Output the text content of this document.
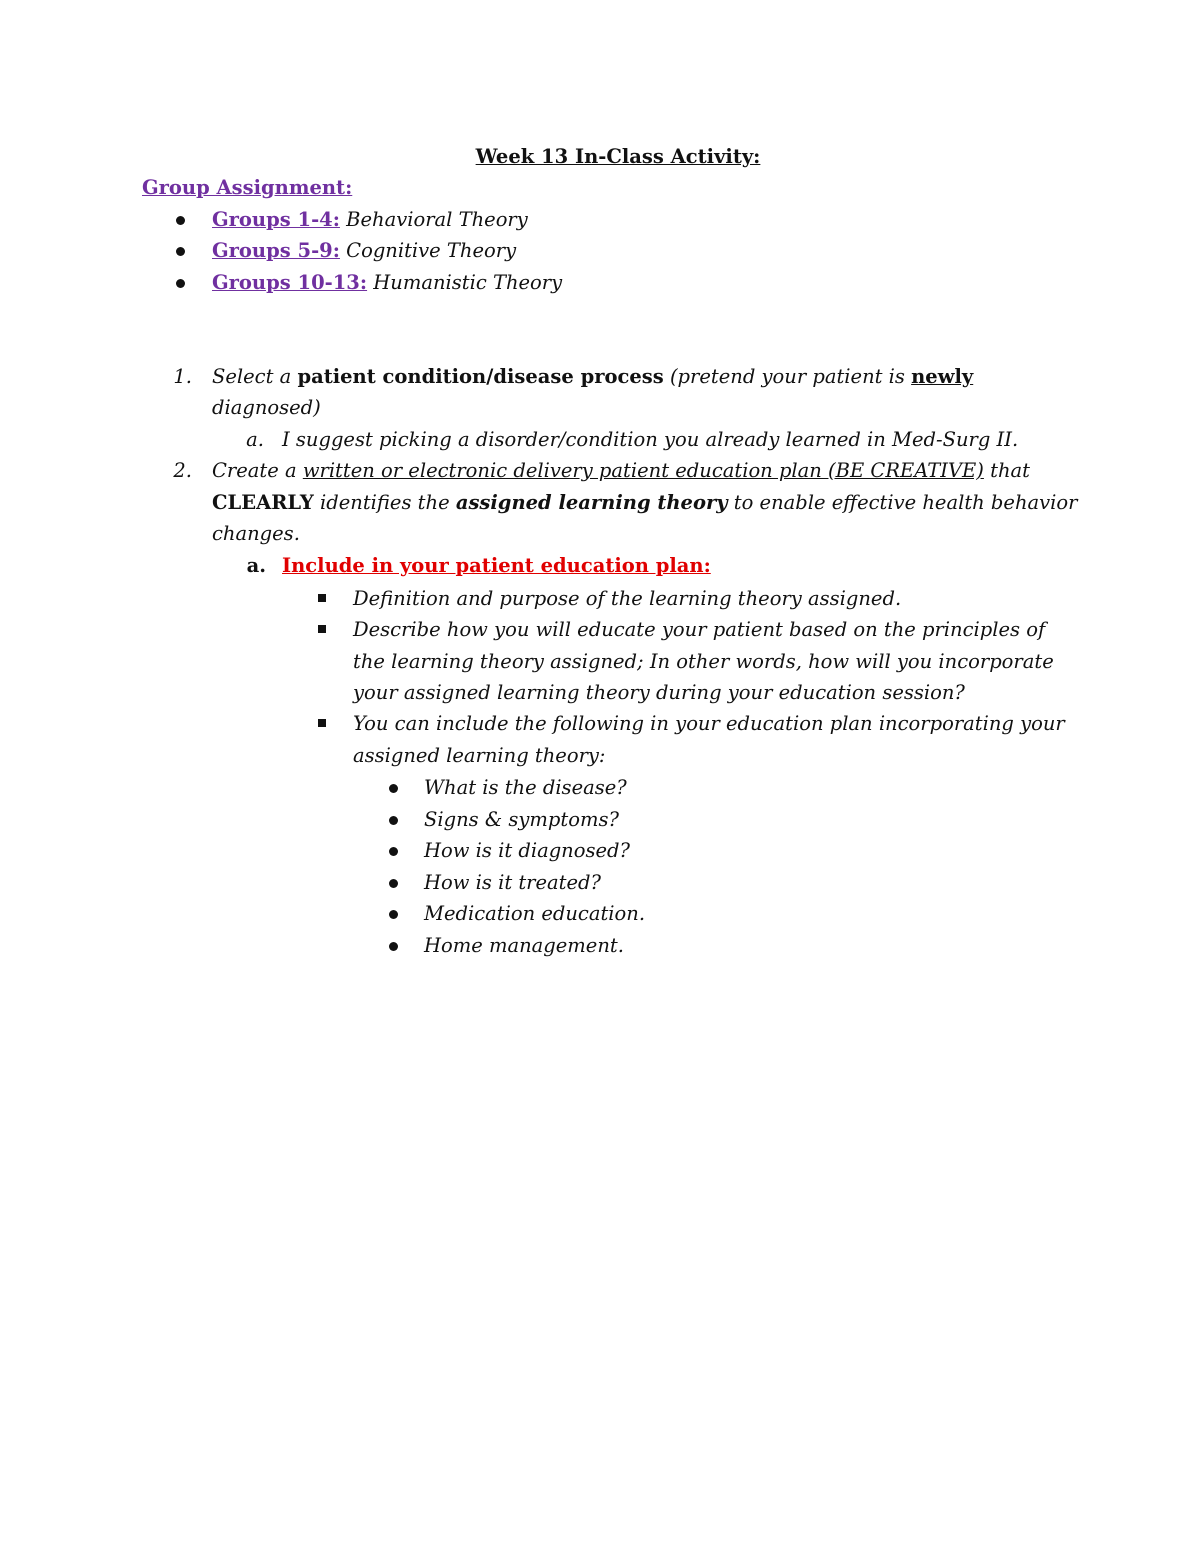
Week 13 In-Class Activity:
Group Assignment:
Groups 1-4: Behavioral Theory
Groups 5-9: Cognitive Theory
Groups 10-13: Humanistic Theory
1. Select a patient condition/disease process (pretend your patient is newly
diagnosed)
a. I suggest picking a disorder/condition you already learned in Med-Surg II.
2. Create a written or electronic delivery patient education plan (BE CREATIVE) that
CLEARLY identifies the assigned learning theory to enable effective health behavior
changes.
a. Include in your patient education plan:
Definition and purpose of the learning theory assigned.
Describe how you will educate your patient based on the principles of
the learning theory assigned; In other words, how will you incorporate
your assigned learning theory during your education session?
You can include the following in your education plan incorporating your
assigned learning theory:
What is the disease?
Signs & symptoms?
How is it diagnosed?
How is it treated?
Medication education.
Home management.
